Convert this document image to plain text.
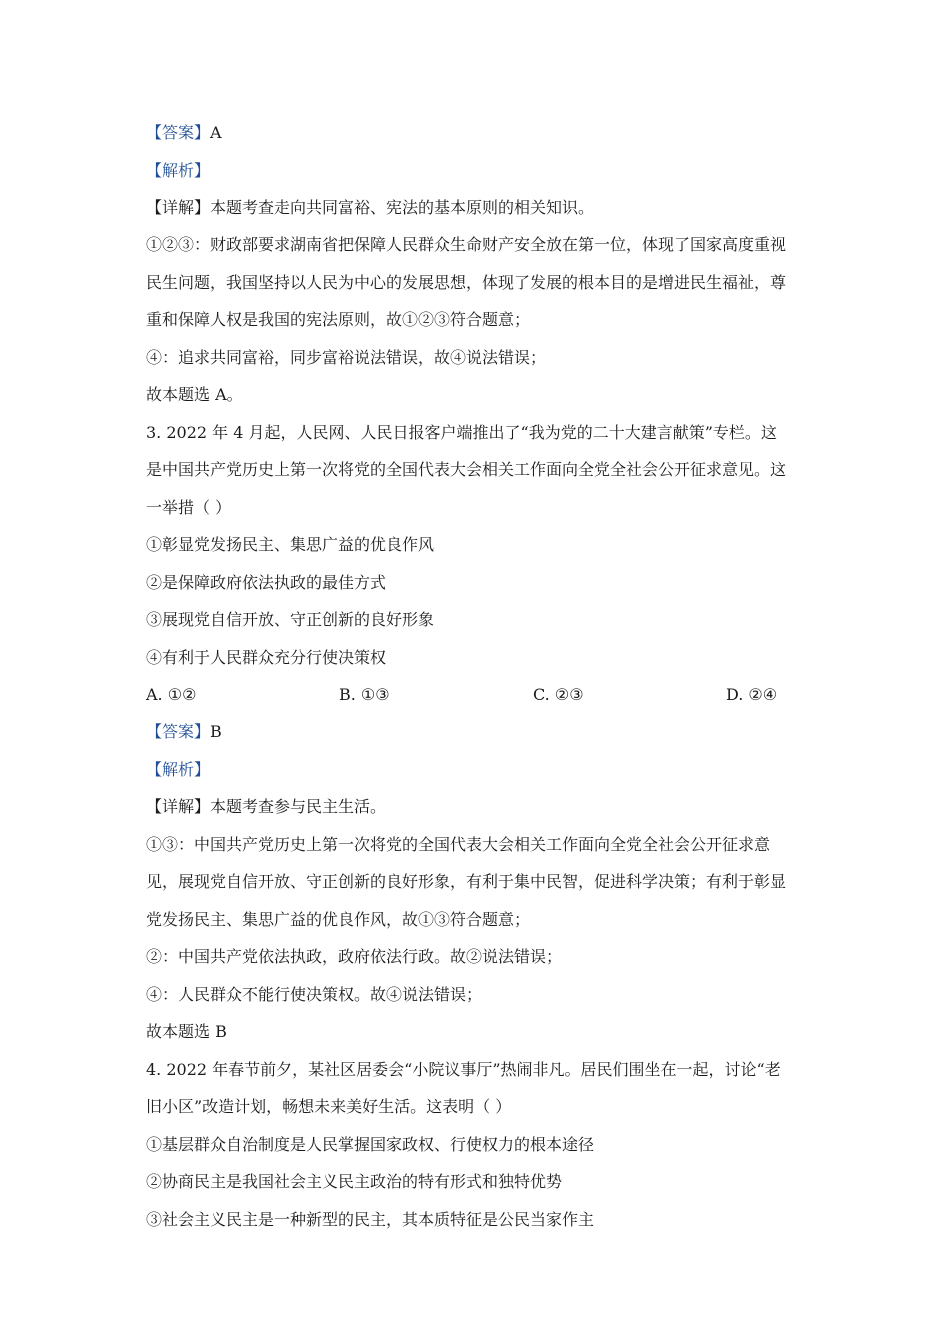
【答案】A
【解析】
【详解】本题考查走向共同富裕、宪法的基本原则的相关知识。
①②③：财政部要求湖南省把保障人民群众生命财产安全放在第一位，体现了国家高度重视
民生问题，我国坚持以人民为中心的发展思想，体现了发展的根本目的是增进民生福祉，尊
重和保障人权是我国的宪法原则，故①②③符合题意；
④：追求共同富裕，同步富裕说法错误，故④说法错误；
故本题选 A。
3. 2022 年 4 月起，人民网、人民日报客户端推出了“我为党的二十大建言献策”专栏。这
是中国共产党历史上第一次将党的全国代表大会相关工作面向全党全社会公开征求意见。这
一举措（ ）
①彰显党发扬民主、集思广益的优良作风
②是保障政府依法执政的最佳方式
③展现党自信开放、守正创新的良好形象
④有利于人民群众充分行使决策权
A. ①②	B. ①③	C. ②③	D. ②④
【答案】B
【解析】
【详解】本题考查参与民主生活。
①③：中国共产党历史上第一次将党的全国代表大会相关工作面向全党全社会公开征求意
见，展现党自信开放、守正创新的良好形象，有利于集中民智，促进科学决策；有利于彰显
党发扬民主、集思广益的优良作风，故①③符合题意；
②：中国共产党依法执政，政府依法行政。故②说法错误；
④：人民群众不能行使决策权。故④说法错误；
故本题选 B
4. 2022 年春节前夕，某社区居委会“小院议事厅”热闹非凡。居民们围坐在一起，讨论“老
旧小区”改造计划，畅想未来美好生活。这表明（ ）
①基层群众自治制度是人民掌握国家政权、行使权力的根本途径
②协商民主是我国社会主义民主政治的特有形式和独特优势
③社会主义民主是一种新型的民主，其本质特征是公民当家作主
